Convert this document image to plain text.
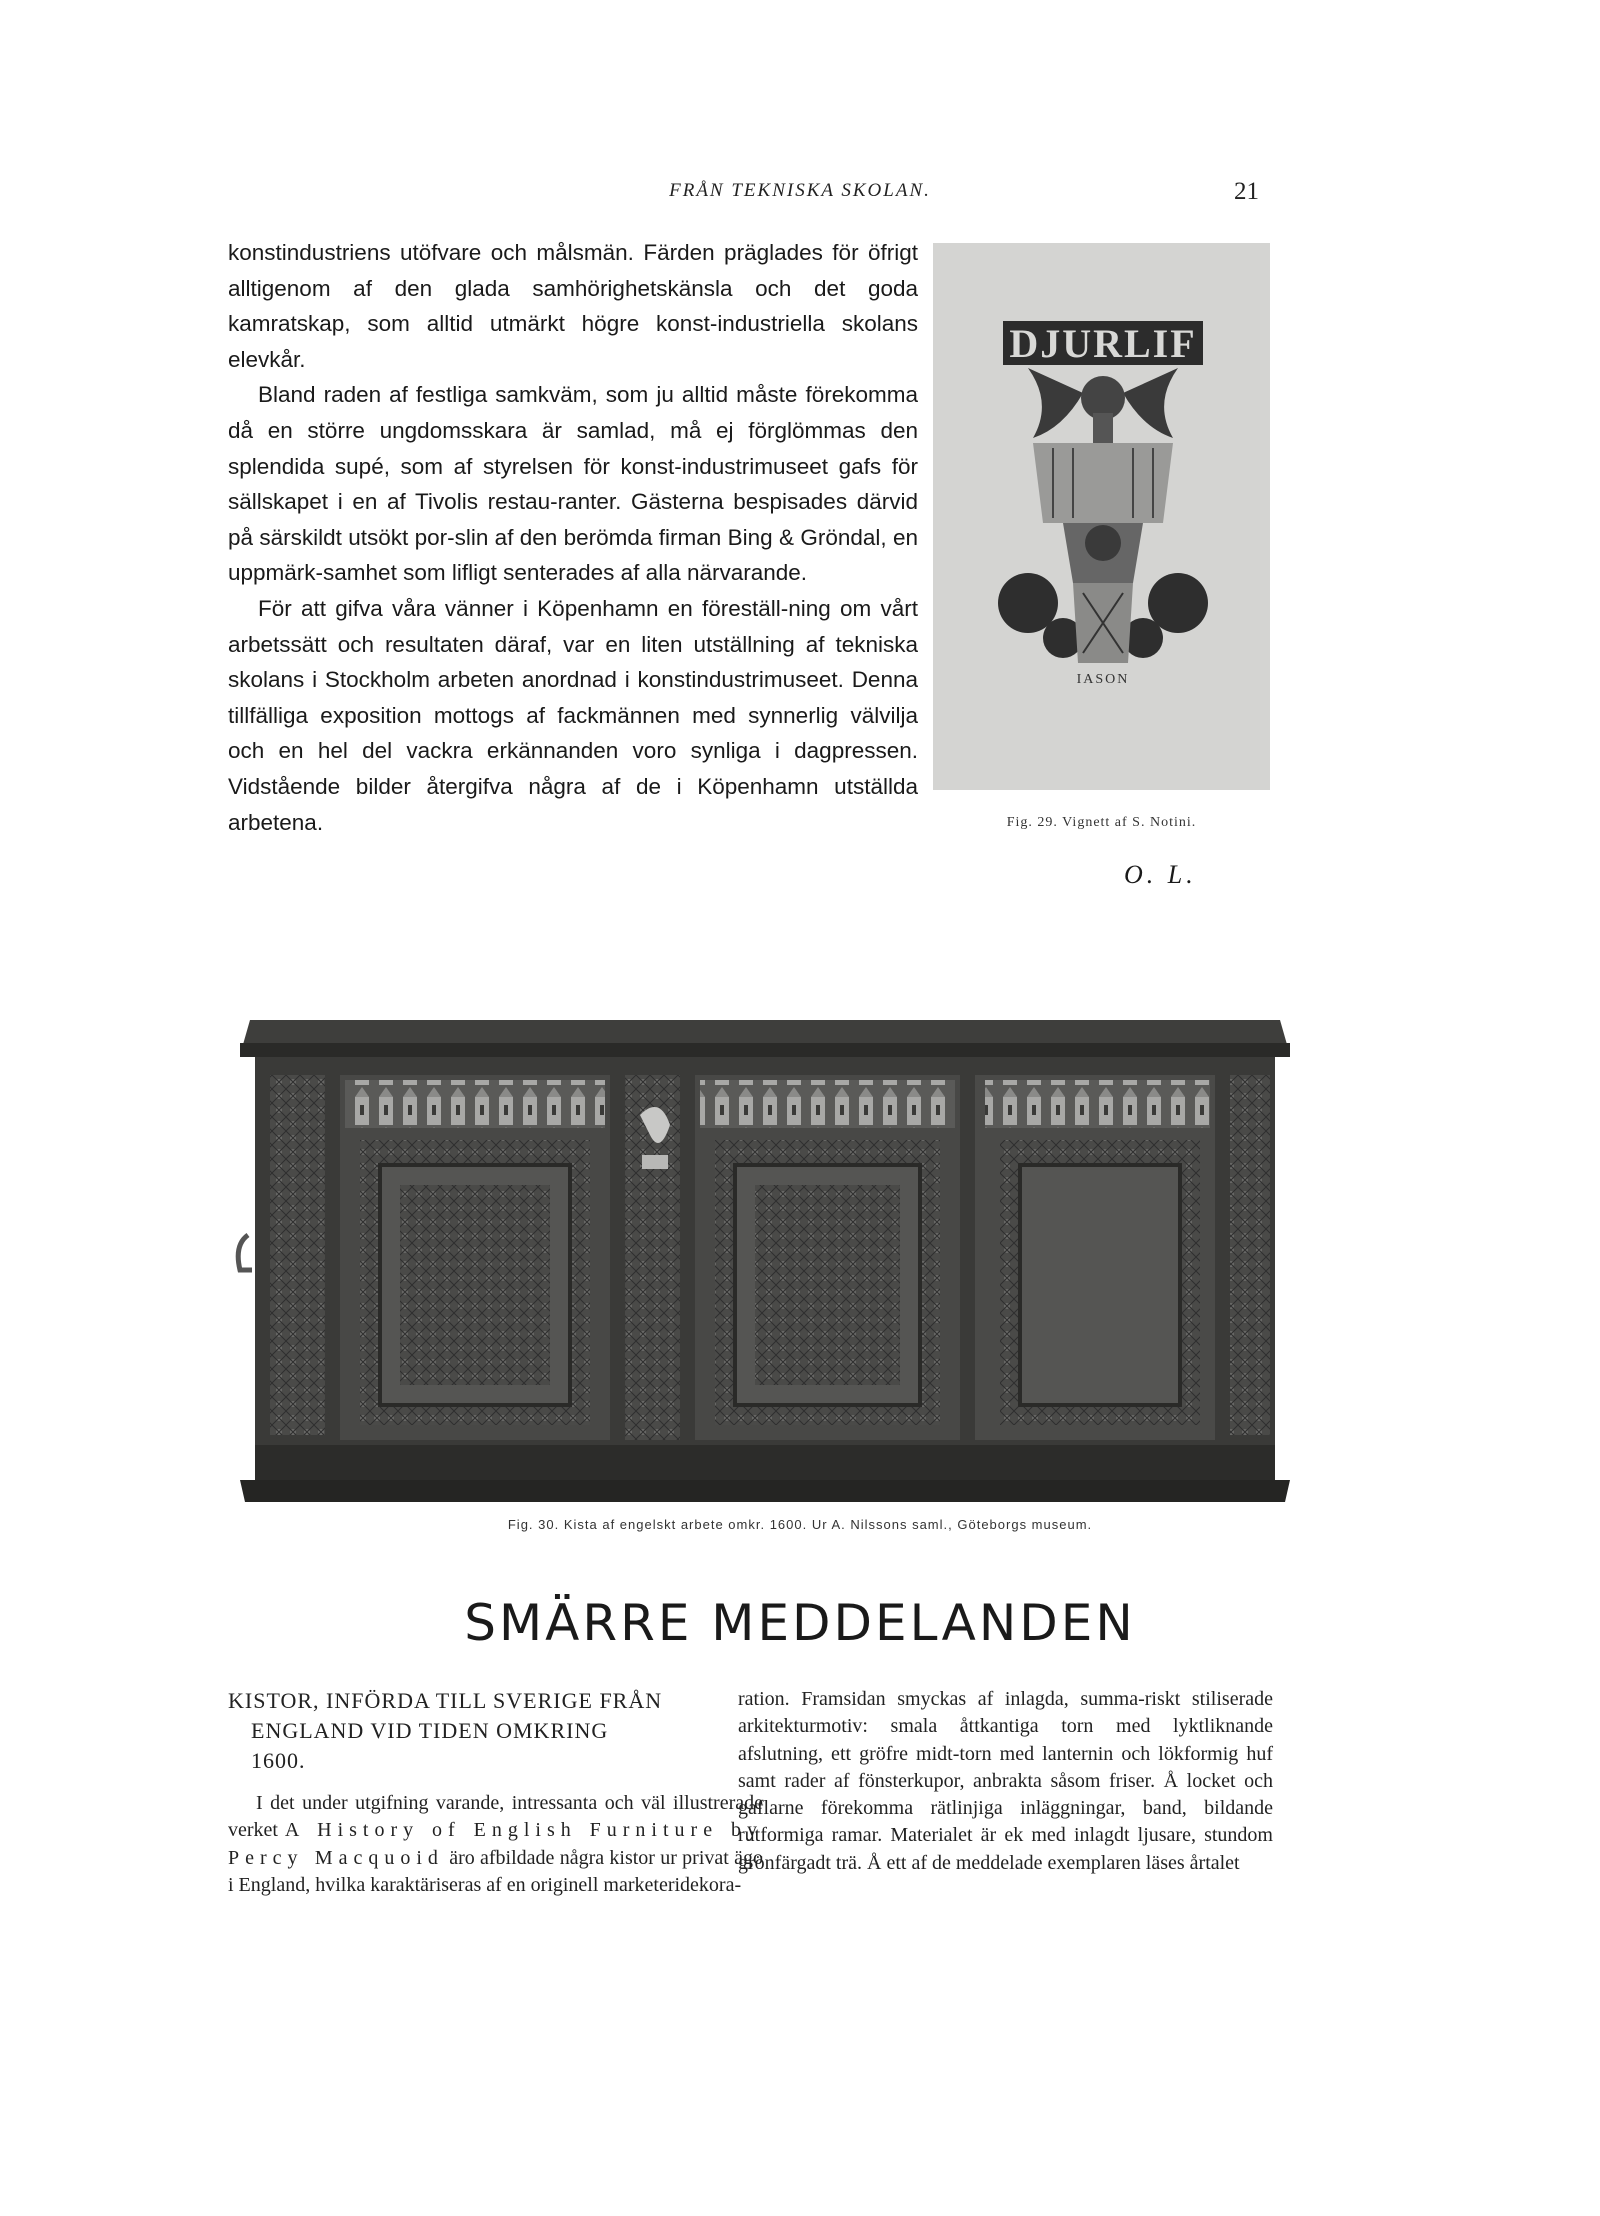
FRÅN TEKNISKA SKOLAN.	21

konstindustriens utöfvare och målsmän. Färden präglades för öfrigt alltigenom af den glada samhörighetskänsla och det goda kamratskap, som alltid utmärkt högre konst-industriella skolans elevkår.

Bland raden af festliga samkväm, som ju alltid måste förekomma då en större ungdomsskara är samlad, må ej förglömmas den splendida supé, som af styrelsen för konst-industrimuseet gafs för sällskapet i en af Tivolis restau-ranter. Gästerna bespisades därvid på särskildt utsökt por-slin af den berömda firman Bing & Gröndal, en uppmärk-samhet som lifligt senterades af alla närvarande.

För att gifva våra vänner i Köpenhamn en föreställ-ning om vårt arbetssätt och resultaten däraf, var en liten utställning af tekniska skolans i Stockholm arbeten anordnad i konstindustrimuseet. Denna tillfälliga exposition mottogs af fackmännen med synnerlig välvilja och en hel del vackra erkännanden voro synliga i dagpressen. Vidstående bilder återgifva några af de i Köpenhamn utställda arbetena.

DJURLIF
IASON
Fig. 29. Vignett af S. Notini.
O. L.
Fig. 30. Kista af engelskt arbete omkr. 1600. Ur A. Nilssons saml., Göteborgs museum.
SMÄRRE MEDDELANDEN
KISTOR, INFÖRDA TILL SVERIGE FRÅN
ENGLAND VID TIDEN OMKRING
1600.

I det under utgifning varande, intressanta och väl illustrerade verket A History of English Furniture by Percy Macquoid äro afbildade några kistor ur privat ägo i England, hvilka karaktäriseras af en originell marketeridekora-

ration. Framsidan smyckas af inlagda, summa-riskt stiliserade arkitekturmotiv: smala åttkantiga torn med lyktliknande afslutning, ett gröfre midt-torn med lanternin och lökformig huf samt rader af fönsterkupor, anbrakta såsom friser. Å locket och gaflarne förekomma rätlinjiga inläggningar, band, bildande rutformiga ramar. Materialet är ek med inlagdt ljusare, stundom grönfärgadt trä. Å ett af de meddelade exemplaren läses årtalet
